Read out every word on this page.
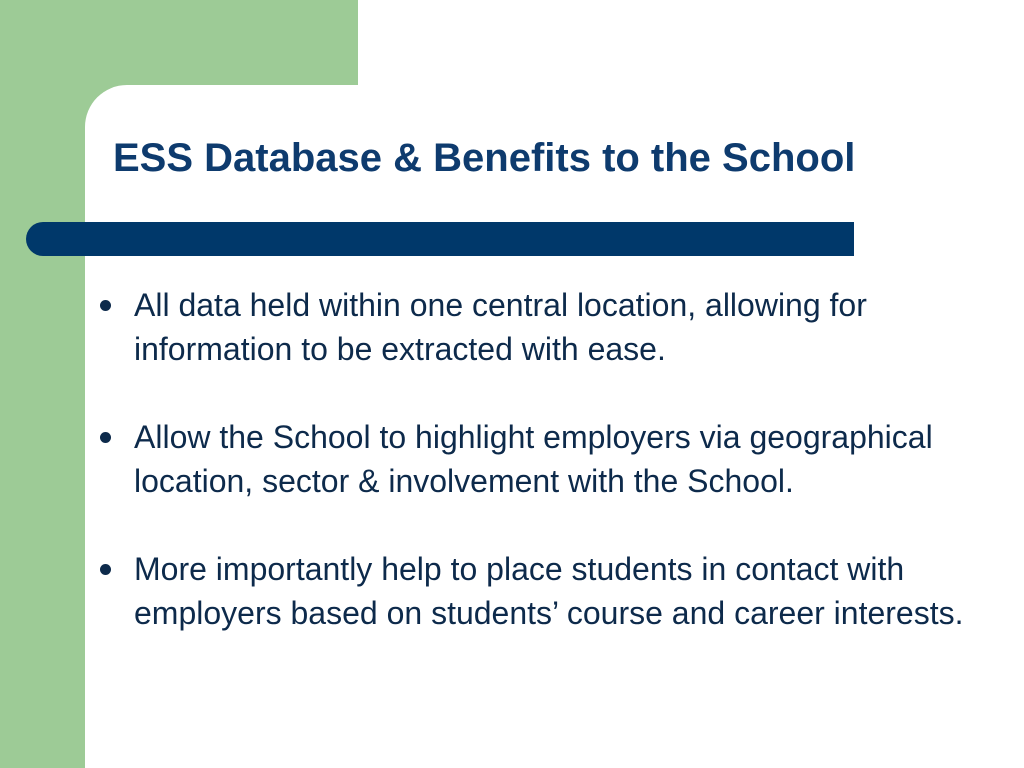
ESS Database & Benefits to the School
All data held within one central location, allowing for information to be extracted with ease.
Allow the School to highlight employers via geographical location, sector & involvement with the School.
More importantly help to place students in contact with employers based on students’ course and career interests.
